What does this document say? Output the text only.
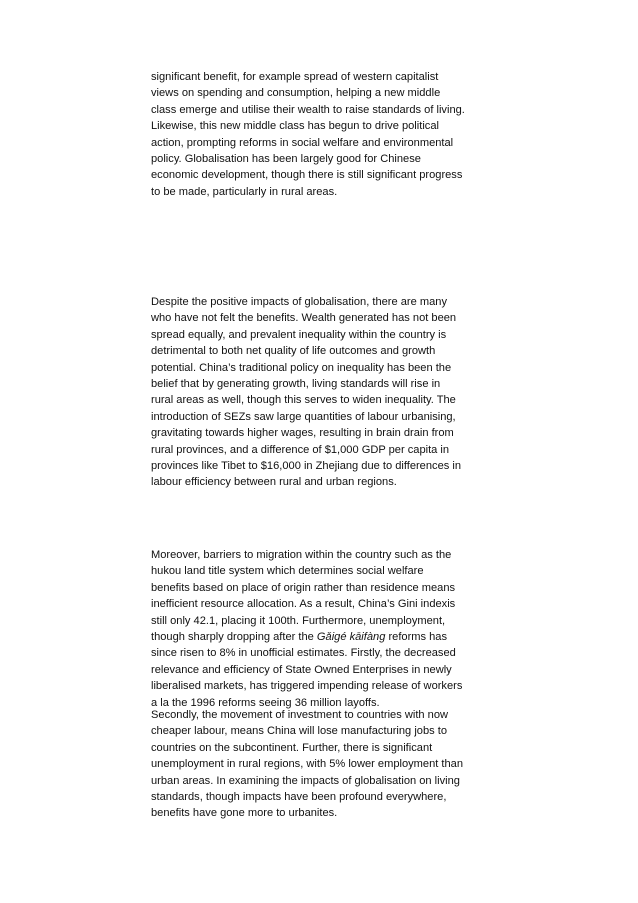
significant benefit, for example spread of western capitalist
views on spending and consumption, helping a new middle
class emerge and utilise their wealth to raise standards of living.
Likewise, this new middle class has begun to drive political
action, prompting reforms in social welfare and environmental
policy. Globalisation has been largely good for Chinese
economic development, though there is still significant progress
to be made, particularly in rural areas.

Despite the positive impacts of globalisation, there are many
who have not felt the benefits. Wealth generated has not been
spread equally, and prevalent inequality within the country is
detrimental to both net quality of life outcomes and growth
potential. China’s traditional policy on inequality has been the
belief that by generating growth, living standards will rise in
rural areas as well, though this serves to widen inequality. The
introduction of SEZs saw large quantities of labour urbanising,
gravitating towards higher wages, resulting in brain drain from
rural provinces, and a difference of $1,000 GDP per capita in
provinces like Tibet to $16,000 in Zhejiang due to differences in
labour efficiency between rural and urban regions.

Moreover, barriers to migration within the country such as the
hukou land title system which determines social welfare
benefits based on place of origin rather than residence means
inefficient resource allocation. As a result, China’s Gini indexis
still only 42.1, placing it 100th. Furthermore, unemployment,
though sharply dropping after the Gǎigé kāifàng reforms has
since risen to 8% in unofficial estimates. Firstly, the decreased
relevance and efficiency of State Owned Enterprises in newly
liberalised markets, has triggered impending release of workers
a la the 1996 reforms seeing 36 million layoffs.

Secondly, the movement of investment to countries with now
cheaper labour, means China will lose manufacturing jobs to
countries on the subcontinent. Further, there is significant
unemployment in rural regions, with 5% lower employment than
urban areas. In examining the impacts of globalisation on living
standards, though impacts have been profound everywhere,
benefits have gone more to urbanites.
